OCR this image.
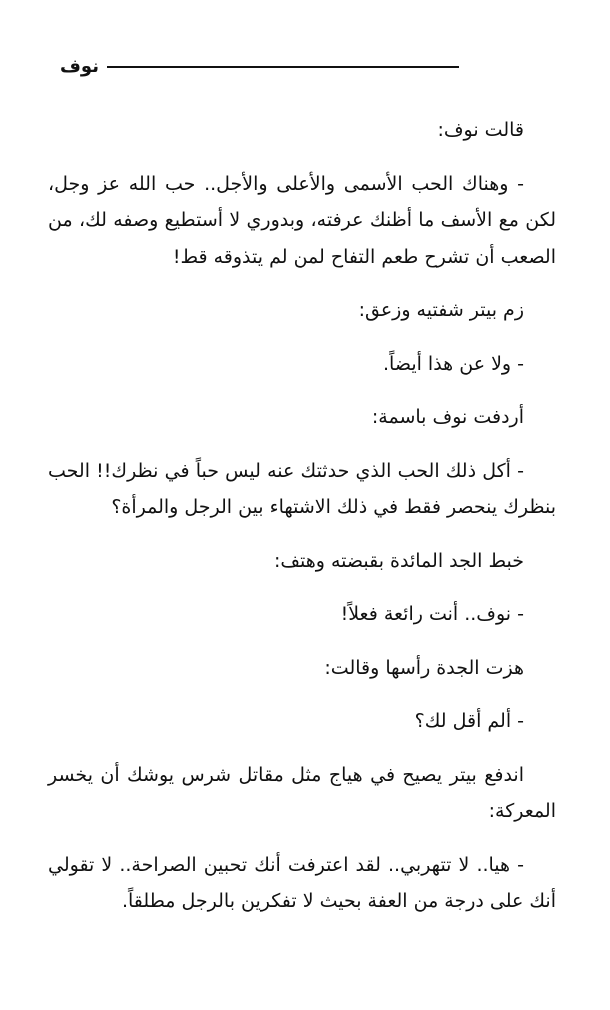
نوف

قالت نوف:

- وهناك الحب الأسمى والأعلى والأجل.. حب الله عز وجل، لكن مع الأسف ما أظنك عرفته، وبدوري لا أستطيع وصفه لك، من الصعب أن تشرح طعم التفاح لمن لم يتذوقه قط!

زم بيتر شفتيه وزعق:

- ولا عن هذا أيضاً.

أردفت نوف باسمة:

- أكل ذلك الحب الذي حدثتك عنه ليس حباً في نظرك!! الحب بنظرك ينحصر فقط في ذلك الاشتهاء بين الرجل والمرأة؟

خبط الجد المائدة بقبضته وهتف:

- نوف.. أنت رائعة فعلاً!

هزت الجدة رأسها وقالت:

- ألم أقل لك؟

اندفع بيتر يصيح في هياج مثل مقاتل شرس يوشك أن يخسر المعركة:

- هيا.. لا تتهربي.. لقد اعترفت أنك تحبين الصراحة.. لا تقولي أنك على درجة من العفة بحيث لا تفكرين بالرجل مطلقاً.
